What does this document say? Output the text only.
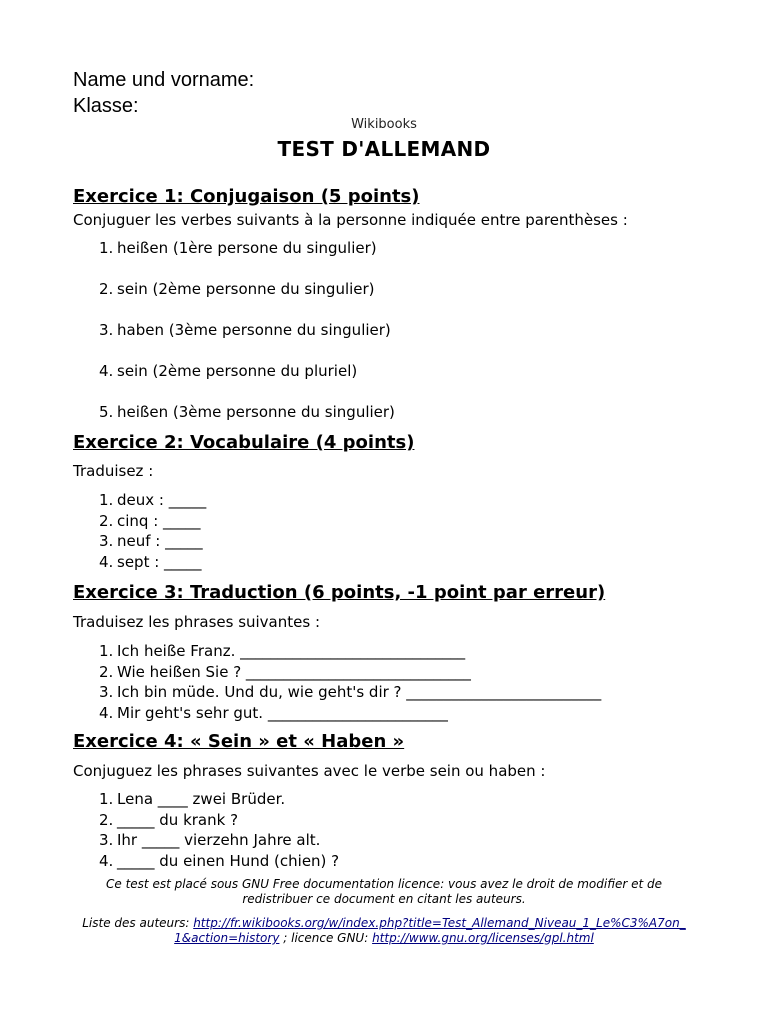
Name und vorname:
Klasse:
Wikibooks
TEST D'ALLEMAND
Exercice 1: Conjugaison (5 points)
Conjuguer les verbes suivants à la personne indiquée entre parenthèses :
1. heißen (1ère persone du singulier)
2. sein (2ème personne du singulier)
3. haben (3ème personne du singulier)
4. sein (2ème personne du pluriel)
5. heißen (3ème personne du singulier)
Exercice 2: Vocabulaire (4 points)
Traduisez :
1. deux : _____
2. cinq : _____
3. neuf : _____
4. sept : _____
Exercice 3: Traduction (6 points, -1 point par erreur)
Traduisez les phrases suivantes :
1. Ich heiße Franz. ______________________________
2. Wie heißen Sie ? ______________________________
3. Ich bin müde. Und du, wie geht's dir ? __________________________
4. Mir geht's sehr gut. ________________________
Exercice 4: « Sein » et « Haben »
Conjuguez les phrases suivantes avec le verbe sein ou haben :
1. Lena ____ zwei Brüder.
2. _____ du krank ?
3. Ihr _____ vierzehn Jahre alt.
4. _____ du einen Hund (chien) ?
Ce test est placé sous GNU Free documentation licence: vous avez le droit de modifier et de redistribuer ce document en citant les auteurs.
Liste des auteurs: http://fr.wikibooks.org/w/index.php?title=Test_Allemand_Niveau_1_Le%C3%A7on_1&action=history ; licence GNU: http://www.gnu.org/licenses/gpl.html
